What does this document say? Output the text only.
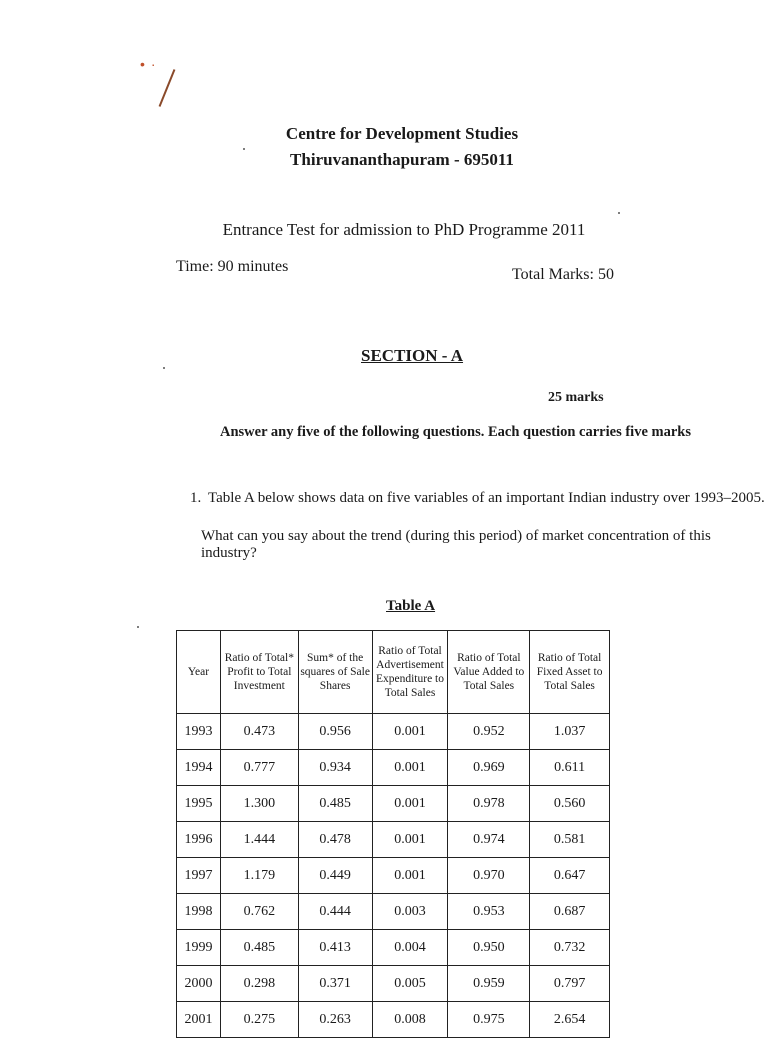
•·
Centre for Development Studies
Thiruvananthapuram - 695011
Entrance Test for admission to PhD Programme 2011
Time: 90 minutes	Total Marks: 50
SECTION - A
25 marks
Answer any five of the following questions. Each question carries five marks
1. Table A below shows data on five variables of an important Indian industry over 1993–2005.
What can you say about the trend (during this period) of market concentration of this industry?
Table A
Year	Ratio of Total* Profit to Total Investment	Sum* of the squares of Sale Shares	Ratio of Total Advertisement Expenditure to Total Sales	Ratio of Total Value Added to Total Sales	Ratio of Total Fixed Asset to Total Sales
1993	0.473	0.956	0.001	0.952	1.037
1994	0.777	0.934	0.001	0.969	0.611
1995	1.300	0.485	0.001	0.978	0.560
1996	1.444	0.478	0.001	0.974	0.581
1997	1.179	0.449	0.001	0.970	0.647
1998	0.762	0.444	0.003	0.953	0.687
1999	0.485	0.413	0.004	0.950	0.732
2000	0.298	0.371	0.005	0.959	0.797
2001	0.275	0.263	0.008	0.975	2.654
